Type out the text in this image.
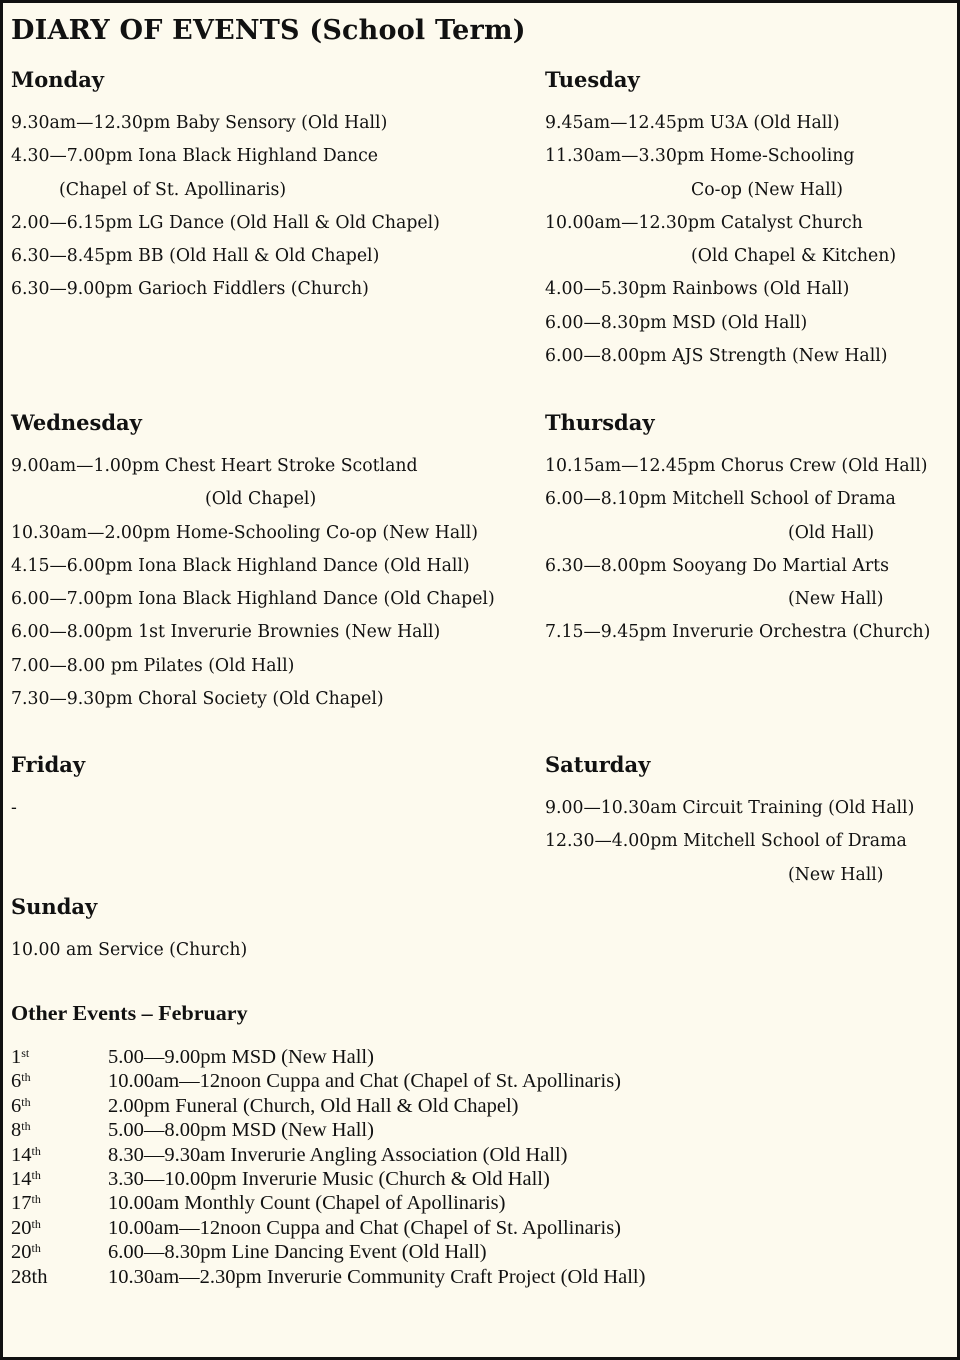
DIARY OF EVENTS (School Term)
Monday
9.30am—12.30pm Baby Sensory (Old Hall)
4.30—7.00pm Iona Black Highland Dance
(Chapel of St. Apollinaris)
2.00—6.15pm LG Dance (Old Hall & Old Chapel)
6.30—8.45pm BB (Old Hall & Old Chapel)
6.30—9.00pm Garioch Fiddlers (Church)
Tuesday
9.45am—12.45pm U3A (Old Hall)
11.30am—3.30pm Home-Schooling
Co-op (New Hall)
10.00am—12.30pm Catalyst Church
(Old Chapel & Kitchen)
4.00—5.30pm Rainbows (Old Hall)
6.00—8.30pm MSD (Old Hall)
6.00—8.00pm AJS Strength (New Hall)
Wednesday
9.00am—1.00pm Chest Heart Stroke Scotland
(Old Chapel)
10.30am—2.00pm Home-Schooling Co-op (New Hall)
4.15—6.00pm Iona Black Highland Dance (Old Hall)
6.00—7.00pm Iona Black Highland Dance (Old Chapel)
6.00—8.00pm 1st Inverurie Brownies (New Hall)
7.00—8.00 pm Pilates (Old Hall)
7.30—9.30pm Choral Society (Old Chapel)
Thursday
10.15am—12.45pm Chorus Crew (Old Hall)
6.00—8.10pm Mitchell School of Drama
(Old Hall)
6.30—8.00pm Sooyang Do Martial Arts
(New Hall)
7.15—9.45pm Inverurie Orchestra (Church)
Friday
-
Saturday
9.00—10.30am Circuit Training (Old Hall)
12.30—4.00pm Mitchell School of Drama
(New Hall)
Sunday
10.00 am Service (Church)
Other Events – February
1st	5.00—9.00pm MSD (New Hall)
6th	10.00am—12noon Cuppa and Chat (Chapel of St. Apollinaris)
6th	2.00pm Funeral (Church, Old Hall & Old Chapel)
8th	5.00—8.00pm MSD (New Hall)
14th	8.30—9.30am Inverurie Angling Association (Old Hall)
14th	3.30—10.00pm Inverurie Music (Church & Old Hall)
17th	10.00am Monthly Count (Chapel of Apollinaris)
20th	10.00am—12noon Cuppa and Chat (Chapel of St. Apollinaris)
20th	6.00—8.30pm Line Dancing Event (Old Hall)
28th	10.30am—2.30pm Inverurie Community Craft Project (Old Hall)
